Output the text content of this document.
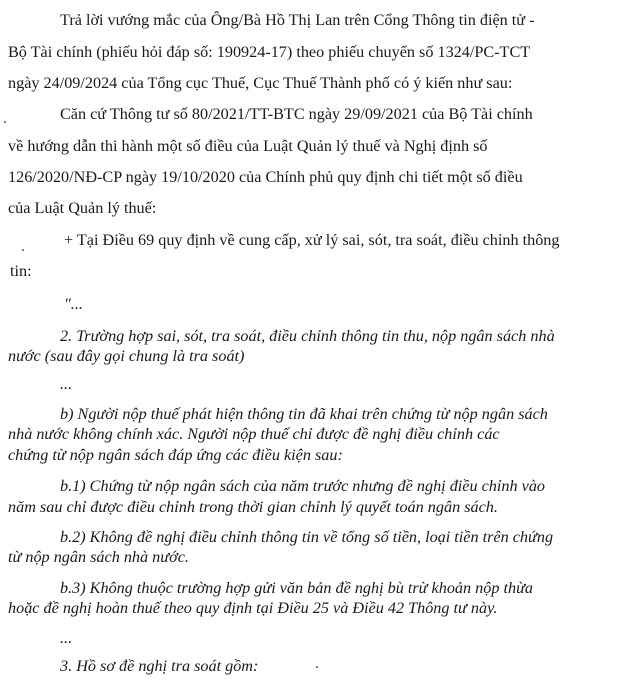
Trả lời vướng mắc của Ông/Bà Hồ Thị Lan trên Cổng Thông tin điện tử -
Bộ Tài chính (phiếu hỏi đáp số: 190924-17) theo phiếu chuyển số 1324/PC-TCT
ngày 24/09/2024 của Tổng cục Thuế, Cục Thuế Thành phố có ý kiến như sau:
Căn cứ Thông tư số 80/2021/TT-BTC ngày 29/09/2021 của Bộ Tài chính
về hướng dẫn thi hành một số điều của Luật Quản lý thuế và Nghị định số
126/2020/NĐ-CP ngày 19/10/2020 của Chính phủ quy định chi tiết một số điều
của Luật Quản lý thuế:
+ Tại Điều 69 quy định về cung cấp, xử lý sai, sót, tra soát, điều chỉnh thông
tin:
"...
2. Trường hợp sai, sót, tra soát, điều chỉnh thông tin thu, nộp ngân sách nhà
nước (sau đây gọi chung là tra soát)
...
b) Người nộp thuế phát hiện thông tin đã khai trên chứng từ nộp ngân sách
nhà nước không chính xác. Người nộp thuế chỉ được đề nghị điều chỉnh các
chứng từ nộp ngân sách đáp ứng các điều kiện sau:
b.1) Chứng từ nộp ngân sách của năm trước nhưng đề nghị điều chỉnh vào
năm sau chỉ được điều chỉnh trong thời gian chỉnh lý quyết toán ngân sách.
b.2) Không đề nghị điều chỉnh thông tin về tổng số tiền, loại tiền trên chứng
từ nộp ngân sách nhà nước.
b.3) Không thuộc trường hợp gửi văn bản đề nghị bù trừ khoản nộp thừa
hoặc đề nghị hoàn thuế theo quy định tại Điều 25 và Điều 42 Thông tư này.
...
3. Hồ sơ đề nghị tra soát gồm:
